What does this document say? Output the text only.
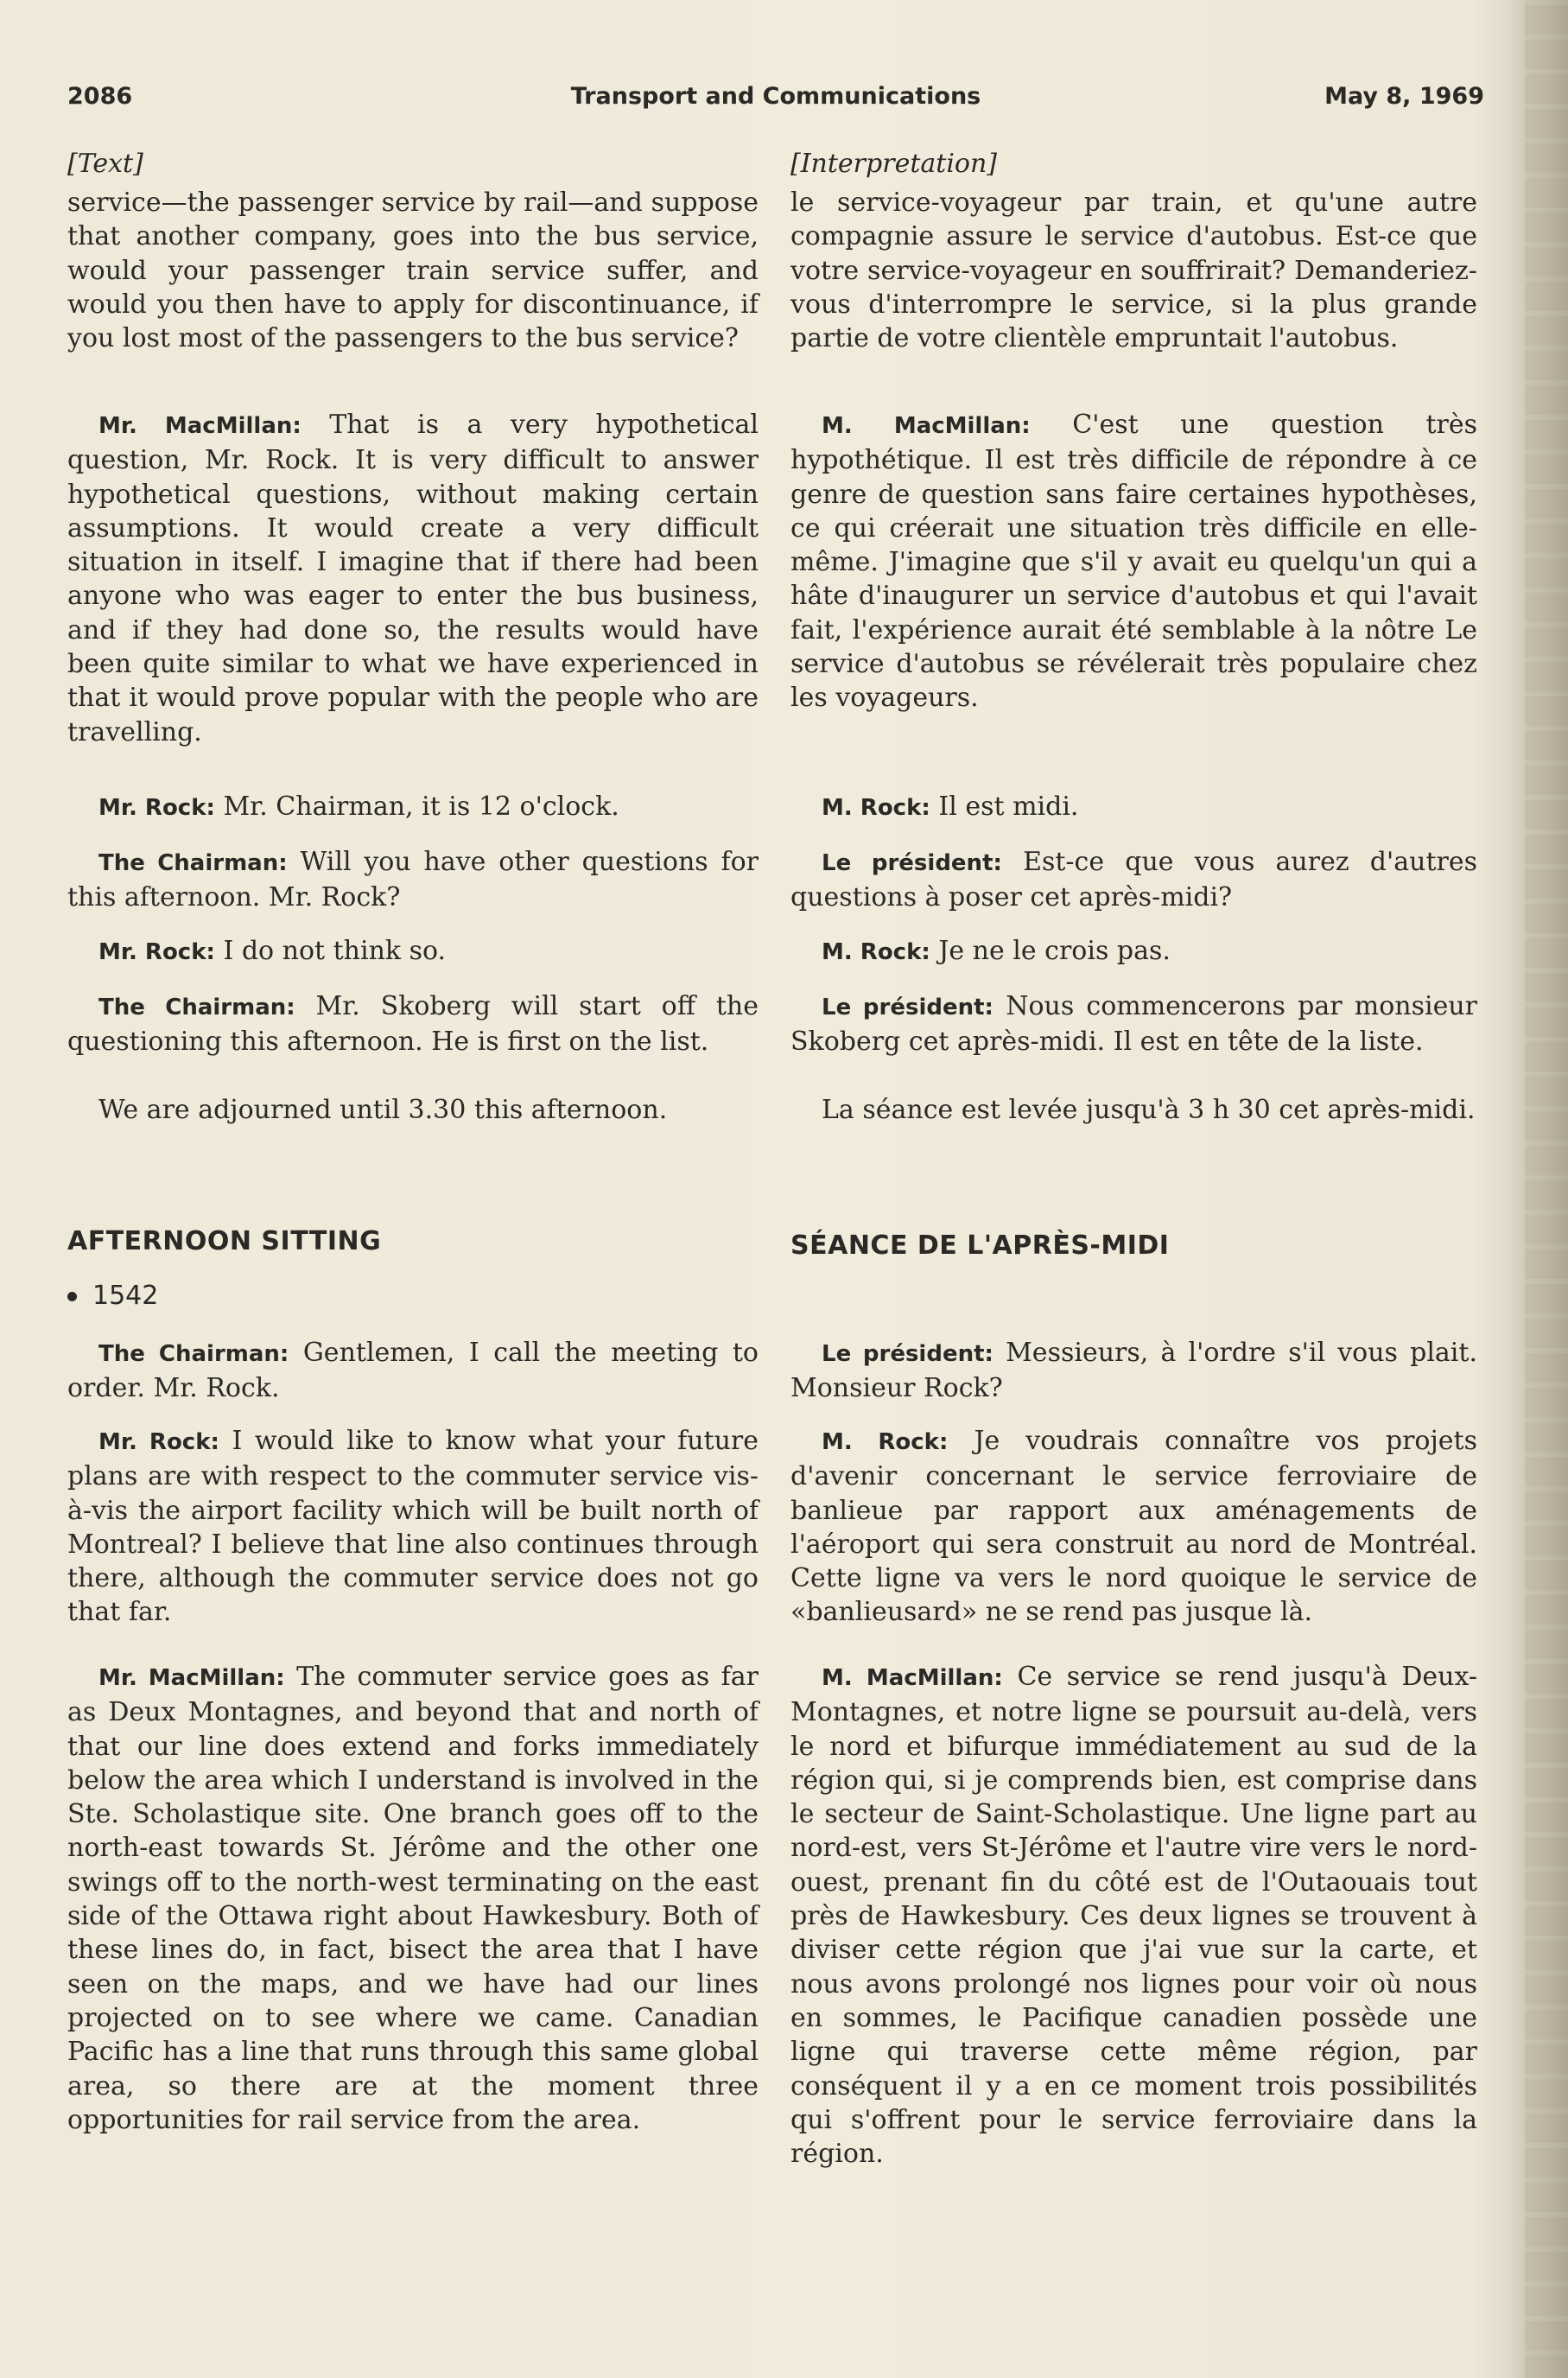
2086	Transport and Communications	May 8, 1969

[Text]

service—the passenger service by rail—and suppose that another company, goes into the bus service, would your passenger train service suffer, and would you then have to apply for discontinuance, if you lost most of the passengers to the bus service?

Mr. MacMillan: That is a very hypothetical question, Mr. Rock. It is very difficult to answer hypothetical questions, without making certain assumptions. It would create a very difficult situation in itself. I imagine that if there had been anyone who was eager to enter the bus business, and if they had done so, the results would have been quite similar to what we have experienced in that it would prove popular with the people who are travelling.

Mr. Rock: Mr. Chairman, it is 12 o'clock.

The Chairman: Will you have other questions for this afternoon. Mr. Rock?

Mr. Rock: I do not think so.

The Chairman: Mr. Skoberg will start off the questioning this afternoon. He is first on the list.

We are adjourned until 3.30 this afternoon.

AFTERNOON SITTING

1542

The Chairman: Gentlemen, I call the meeting to order. Mr. Rock.

Mr. Rock: I would like to know what your future plans are with respect to the commuter service vis-à-vis the airport facility which will be built north of Montreal? I believe that line also continues through there, although the commuter service does not go that far.

Mr. MacMillan: The commuter service goes as far as Deux Montagnes, and beyond that and north of that our line does extend and forks immediately below the area which I understand is involved in the Ste. Scholastique site. One branch goes off to the north-east towards St. Jérôme and the other one swings off to the north-west terminating on the east side of the Ottawa right about Hawkesbury. Both of these lines do, in fact, bisect the area that I have seen on the maps, and we have had our lines projected on to see where we came. Canadian Pacific has a line that runs through this same global area, so there are at the moment three opportunities for rail service from the area.

[Interpretation]

le service-voyageur par train, et qu'une autre compagnie assure le service d'autobus. Est-ce que votre service-voyageur en souffrirait? Demanderiez-vous d'interrompre le service, si la plus grande partie de votre clientèle empruntait l'autobus.

M. MacMillan: C'est une question très hypothétique. Il est très difficile de répondre à ce genre de question sans faire certaines hypothèses, ce qui créerait une situation très difficile en elle-même. J'imagine que s'il y avait eu quelqu'un qui a hâte d'inaugurer un service d'autobus et qui l'avait fait, l'expérience aurait été semblable à la nôtre Le service d'autobus se révélerait très populaire chez les voyageurs.

M. Rock: Il est midi.

Le président: Est-ce que vous aurez d'autres questions à poser cet après-midi?

M. Rock: Je ne le crois pas.

Le président: Nous commencerons par monsieur Skoberg cet après-midi. Il est en tête de la liste.

La séance est levée jusqu'à 3 h 30 cet après-midi.

SÉANCE DE L'APRÈS-MIDI

Le président: Messieurs, à l'ordre s'il vous plait. Monsieur Rock?

M. Rock: Je voudrais connaître vos projets d'avenir concernant le service ferroviaire de banlieue par rapport aux aménagements de l'aéroport qui sera construit au nord de Montréal. Cette ligne va vers le nord quoique le service de «banlieusard» ne se rend pas jusque là.

M. MacMillan: Ce service se rend jusqu'à Deux-Montagnes, et notre ligne se poursuit au-delà, vers le nord et bifurque immédiatement au sud de la région qui, si je comprends bien, est comprise dans le secteur de Saint-Scholastique. Une ligne part au nord-est, vers St-Jérôme et l'autre vire vers le nord-ouest, prenant fin du côté est de l'Outaouais tout près de Hawkesbury. Ces deux lignes se trouvent à diviser cette région que j'ai vue sur la carte, et nous avons prolongé nos lignes pour voir où nous en sommes, le Pacifique canadien possède une ligne qui traverse cette même région, par conséquent il y a en ce moment trois possibilités qui s'offrent pour le service ferroviaire dans la région.
